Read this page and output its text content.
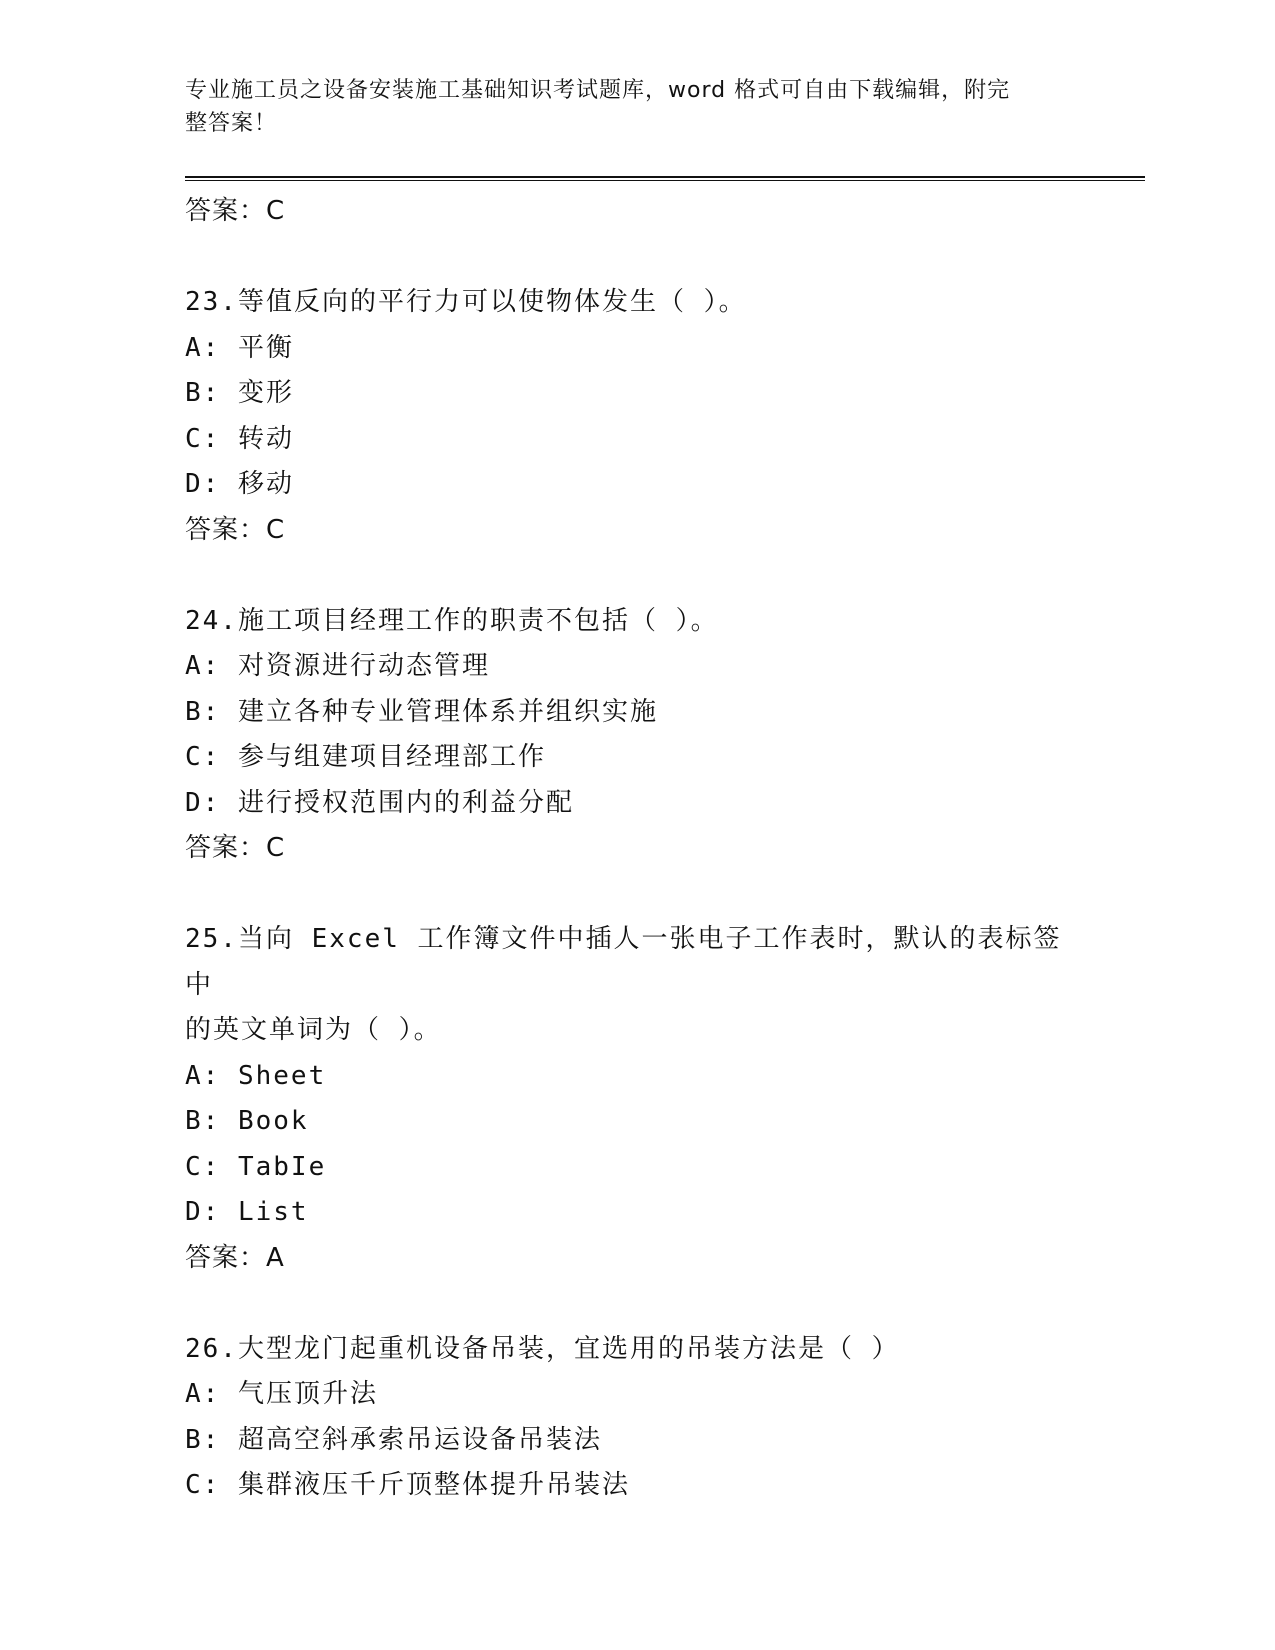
专业施工员之设备安装施工基础知识考试题库，word 格式可自由下载编辑，附完
整答案！
答案：C
23.等值反向的平行力可以使物体发生（ ）。
A: 平衡
B: 变形
C: 转动
D: 移动
答案：C
24.施工项目经理工作的职责不包括（ ）。
A: 对资源进行动态管理
B: 建立各种专业管理体系并组织实施
C: 参与组建项目经理部工作
D: 进行授权范围内的利益分配
答案：C
25.当向 Excel 工作簿文件中插人一张电子工作表时，默认的表标签中
的英文单词为（ ）。
A: Sheet
B: Book
C: TabIe
D: List
答案：A
26.大型龙门起重机设备吊装，宜选用的吊装方法是（ ）
A: 气压顶升法
B: 超高空斜承索吊运设备吊装法
C: 集群液压千斤顶整体提升吊装法
